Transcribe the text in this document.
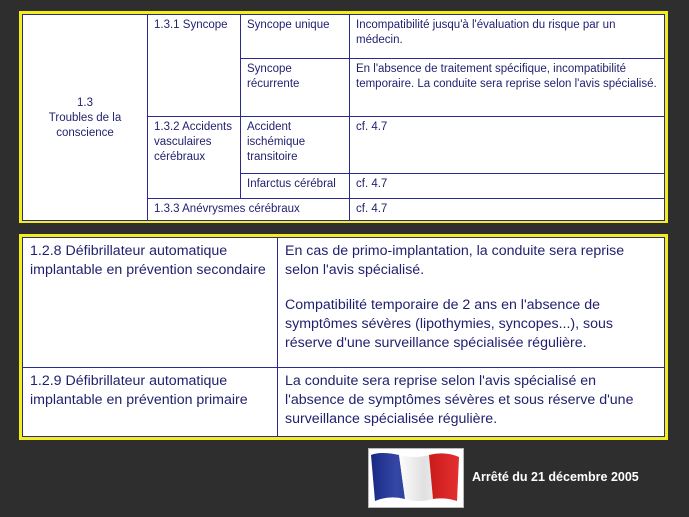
1.3
Troubles de la conscience	1.3.1 Syncope	Syncope unique	Incompatibilité jusqu'à l'évaluation du risque par un médecin.
		Syncope récurrente	En l'absence de traitement spécifique, incompatibilité temporaire. La conduite sera reprise selon l'avis spécialisé.
	1.3.2 Accidents vasculaires cérébraux	Accident ischémique transitoire	cf. 4.7
		Infarctus cérébral	cf. 4.7
	1.3.3 Anévrysmes cérébraux		cf. 4.7
1.2.8 Défibrillateur automatique implantable en prévention secondaire	En cas de primo-implantation, la conduite sera reprise selon l'avis spécialisé.

Compatibilité temporaire de 2 ans en l'absence de symptômes sévères (lipothymies, syncopes...), sous réserve d'une surveillance spécialisée régulière.

1.2.9 Défibrillateur automatique implantable en prévention primaire	La conduite sera reprise selon l'avis spécialisé en l'absence de symptômes sévères et sous réserve d'une surveillance spécialisée régulière.
Arrêté du 21 décembre 2005
